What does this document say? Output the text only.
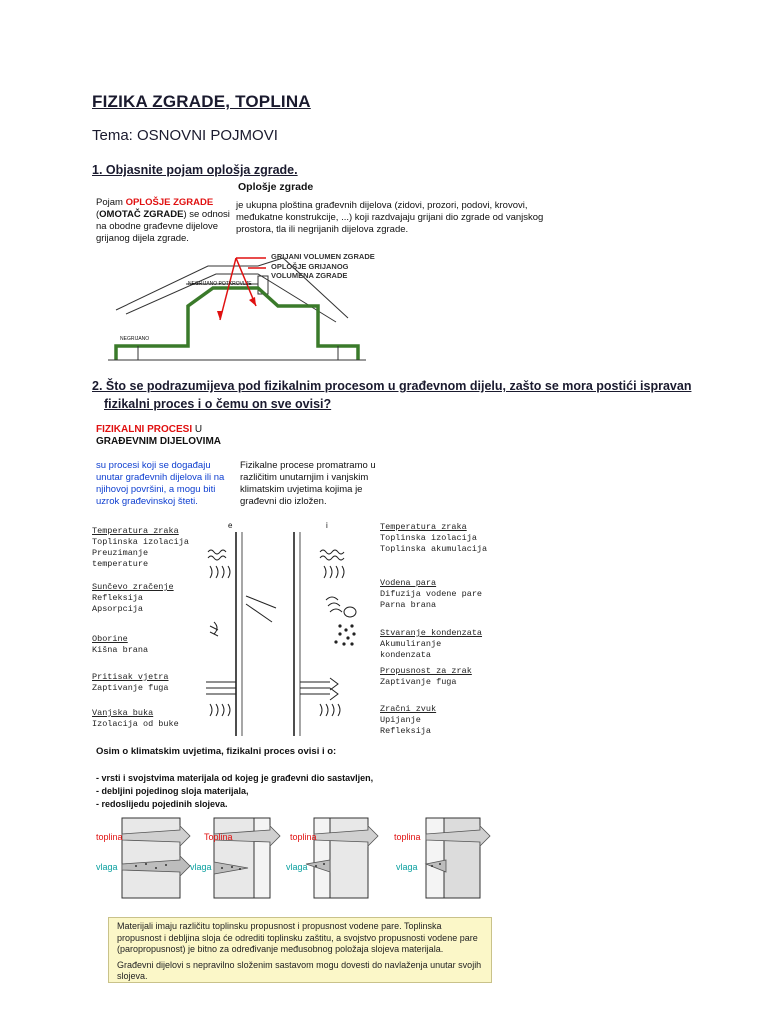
FIZIKA ZGRADE, TOPLINA
Tema: OSNOVNI POJMOVI
1. Objasnite pojam oplošja zgrade.
Pojam OPLOŠJE ZGRADE
(OMOTAČ ZGRADE) se odnosi na obodne građevne dijelove grijanog dijela zgrade.
Oplošje zgrade
je ukupna ploština građevnih dijelova (zidovi, prozori, podovi, krovovi, međukatne konstrukcije, ...) koji razdvajaju grijani dio zgrade od vanjskog prostora, tla ili negrijanih dijelova zgrade.
NEGRIJANO POTKROVLJE
NEGRIJANO
GRIJANI VOLUMEN ZGRADE
OPLOŠJE GRIJANOG VOLUMENA ZGRADE
2. Što se podrazumijeva pod fizikalnim procesom u građevnom dijelu, zašto se mora postići ispravan
fizikalni proces i o čemu on sve ovisi?
FIZIKALNI PROCESI U
GRAĐEVNIM DIJELOVIMA
su procesi koji se događaju unutar građevnih dijelova ili na njihovoj površini, a mogu biti uzrok građevinskoj šteti.
Fizikalne procese promatramo u različitim unutarnjim i vanjskim klimatskim uvjetima kojima je građevni dio izložen.
Temperatura zraka
Toplinska izolacija
Preuzimanje temperature
Sunčevo zračenje
Refleksija
Apsorpcija
Oborine
Kišna brana
Pritisak vjetra
Zaptivanje fuga
Vanjska buka
Izolacija od buke
Temperatura zraka
Toplinska izolacija
Toplinska akumulacija
Vodena para
Difuzija vodene pare
Parna brana
Stvaranje kondenzata
Akumuliranje kondenzata
Propusnost za zrak
Zaptivanje fuga
Zračni zvuk
Upijanje
Refleksija
e	i
Osim o klimatskim uvjetima, fizikalni proces ovisi i o:
- vrsti i svojstvima materijala od kojeg je građevni dio sastavljen,
- debljini pojedinog sloja materijala,
- redoslijedu pojedinih slojeva.
toplina
vlaga
Toplina	toplina	toplina
vlaga	vlaga	vlaga

Materijali imaju različitu toplinsku propusnost i propusnost vodene pare. Toplinska propusnost i debljina sloja će odrediti toplinsku zaštitu, a svojstvo propusnosti vodene pare (paropropusnost) je bitno za određivanje međusobnog položaja slojeva materijala.

Građevni dijelovi s nepravilno složenim sastavom mogu dovesti do navlaženja unutar svojih slojeva.
